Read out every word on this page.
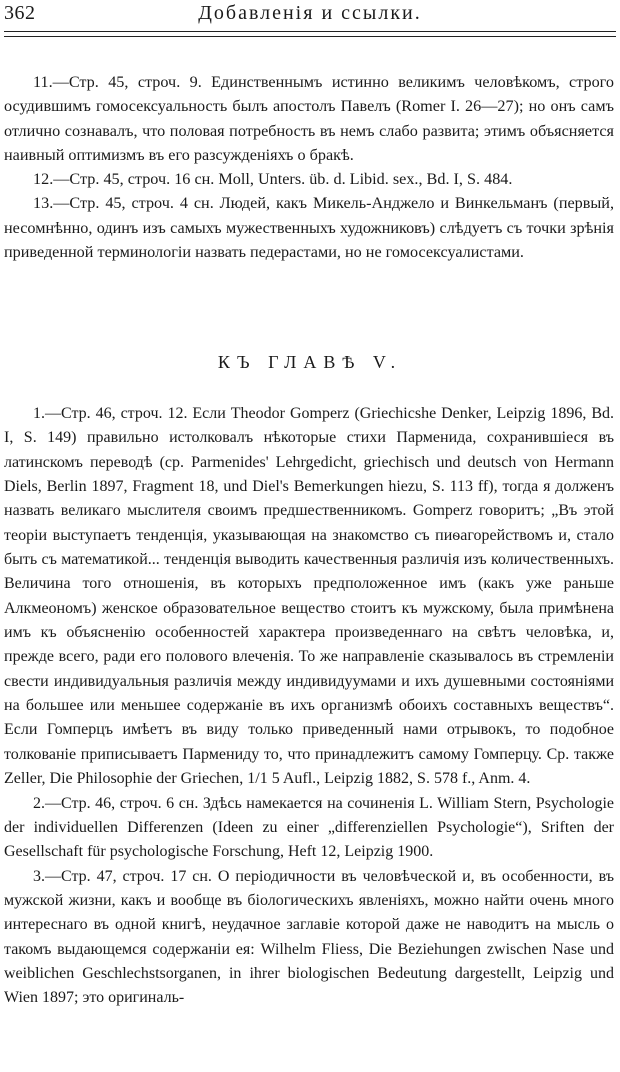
362	Добавленія и ссылки.

11.—Стр. 45, строч. 9. Единственнымъ истинно великимъ человѣкомъ, строго осудившимъ гомосексуальность былъ апостолъ Павелъ (Romer I. 26—27); но онъ самъ отлично сознавалъ, что половая потребность въ немъ слабо развита; этимъ объясняется наивный оптимизмъ въ его разсужденіяхъ о бракѣ.

12.—Стр. 45, строч. 16 сн. Moll, Unters. üb. d. Libid. sex., Bd. I, S. 484.

13.—Стр. 45, строч. 4 сн. Людей, какъ Микель-Анджело и Винкельманъ (первый, несомнѣнно, одинъ изъ самыхъ мужественныхъ художниковъ) слѣдуетъ съ точки зрѣнія приведенной терминологіи назвать педерастами, но не гомосексуалистами.

КЪ ГЛАВѢ V.

1.—Стр. 46, строч. 12. Если Theodor Gomperz (Griechicshe Denker, Leipzig 1896, Bd. I, S. 149) правильно истолковалъ нѣкоторые стихи Парменида, сохранившіеся въ латинскомъ переводѣ (ср. Parmenides' Lehrgedicht, griechisch und deutsch von Hermann Diels, Berlin 1897, Fragment 18, und Diel's Bemerkungen hiezu, S. 113 ff), тогда я долженъ назвать великаго мыслителя своимъ предшественникомъ. Gomperz говоритъ; „Въ этой теоріи выступаетъ тенденція, указывающая на знакомство съ пиѳагорействомъ и, стало быть съ математикой... тенденція выводить качественныя различія изъ количественныхъ. Величина того отношенія, въ которыхъ предположенное имъ (какъ уже раньше Алкмеономъ) женское образовательное вещество стоитъ къ мужскому, была примѣнена имъ къ объясненію особенностей характера произведеннаго на свѣтъ человѣка, и, прежде всего, ради его полового влеченія. То же направленіе сказывалось въ стремленіи свести индивидуальныя различія между индивидуумами и ихъ душевными состояніями на большее или меньшее содержаніе въ ихъ организмѣ обоихъ составныхъ веществъ“. Если Гомперцъ имѣетъ въ виду только приведенный нами отрывокъ, то подобное толкованіе приписываетъ Пармениду то, что принадлежитъ самому Гомперцу. Ср. также Zeller, Die Philosophie der Griechen, 1/1 5 Aufl., Leipzig 1882, S. 578 f., Anm. 4.

2.—Стр. 46, строч. 6 сн. Здѣсь намекается на сочиненія L. William Stern, Psychologie der individuellen Differenzen (Ideen zu einer „differenziellen Psychologie“), Sriften der Gesellschaft für psychologische Forschung, Heft 12, Leipzig 1900.

3.—Стр. 47, строч. 17 сн. О періодичности въ человѣческой и, въ особенности, въ мужской жизни, какъ и вообще въ біологическихъ явленіяхъ, можно найти очень много интереснаго въ одной книгѣ, неудачное заглавіе которой даже не наводитъ на мысль о такомъ выдающемся содержаніи ея: Wilhelm Fliess, Die Beziehungen zwischen Nase und weiblichen Geschlechstsorganen, in ihrer biologischen Bedeutung dargestellt, Leipzig und Wien 1897; это оригиналь-
